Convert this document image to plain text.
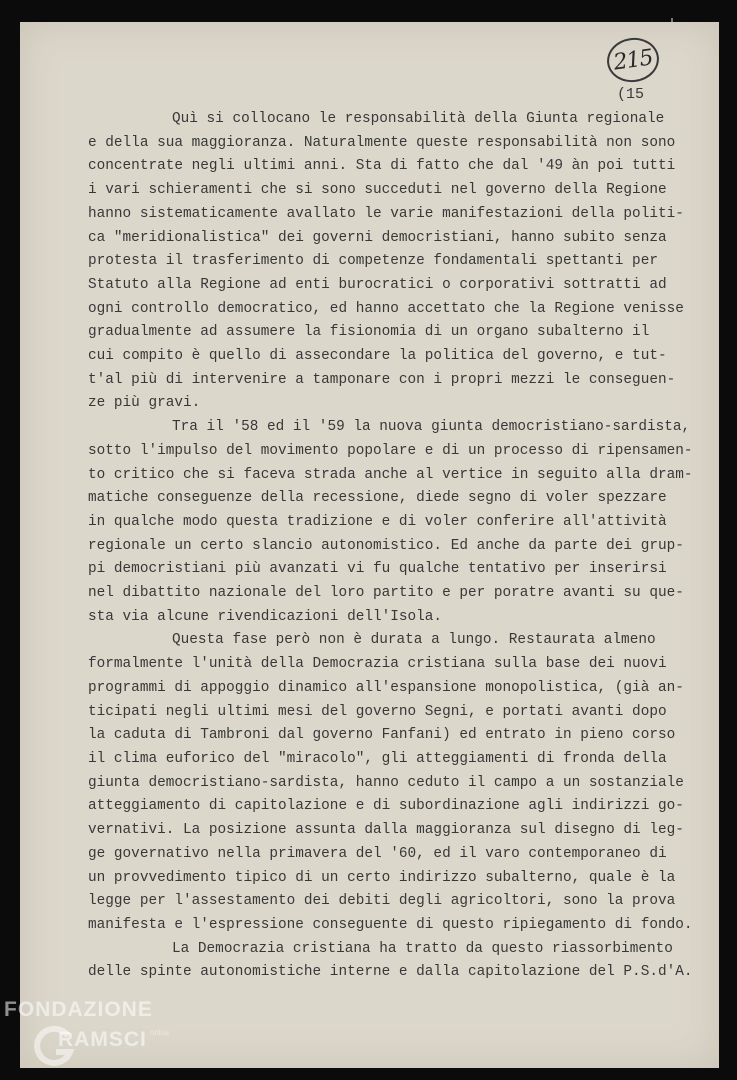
215
(15
Quì si collocano le responsabilità della Giunta regionale
e della sua maggioranza. Naturalmente queste responsabilità non sono
concentrate negli ultimi anni. Sta di fatto che dal '49 àn poi tutti
i vari schieramenti che si sono succeduti nel governo della Regione
hanno sistematicamente avallato le varie manifestazioni della politi-
ca "meridionalistica" dei governi democristiani, hanno subito senza
protesta il trasferimento di competenze fondamentali spettanti per
Statuto alla Regione ad enti burocratici o corporativi sottratti ad
ogni controllo democratico, ed hanno accettato che la Regione venisse
gradualmente ad assumere la fisionomia di un organo subalterno il
cui compito è quello di assecondare la politica del governo, e tut-
t'al più di intervenire a tamponare con i propri mezzi le conseguen-
ze più gravi.
Tra il '58 ed il '59 la nuova giunta democristiano-sardista,
sotto l'impulso del movimento popolare e di un processo di ripensamen-
to critico che si faceva strada anche al vertice in seguito alla dram-
matiche conseguenze della recessione, diede segno di voler spezzare
in qualche modo questa tradizione e di voler conferire all'attività
regionale un certo slancio autonomistico. Ed anche da parte dei grup-
pi democristiani più avanzati vi fu qualche tentativo per inserirsi
nel dibattito nazionale del loro partito e per poratre avanti su que-
sta via alcune rivendicazioni dell'Isola.
Questa fase però non è durata a lungo. Restaurata almeno
formalmente l'unità della Democrazia cristiana sulla base dei nuovi
programmi di appoggio dinamico all'espansione monopolistica, (già an-
ticipati negli ultimi mesi del governo Segni, e portati avanti dopo
la caduta di Tambroni dal governo Fanfani) ed entrato in pieno corso
il clima euforico del "miracolo", gli atteggiamenti di fronda della
giunta democristiano-sardista, hanno ceduto il campo a un sostanziale
atteggiamento di capitolazione e di subordinazione agli indirizzi go-
vernativi. La posizione assunta dalla maggioranza sul disegno di leg-
ge governativo nella primavera del '60, ed il varo contemporaneo di
un provvedimento tipico di un certo indirizzo subalterno, quale è la
legge per l'assestamento dei debiti degli agricoltori, sono la prova
manifesta e l'espressione conseguente di questo ripiegamento di fondo.
La Democrazia cristiana ha tratto da questo riassorbimento
delle spinte autonomistiche interne e dalla capitolazione del P.S.d'A.
FONDAZIONE
RAMSCI onlus
